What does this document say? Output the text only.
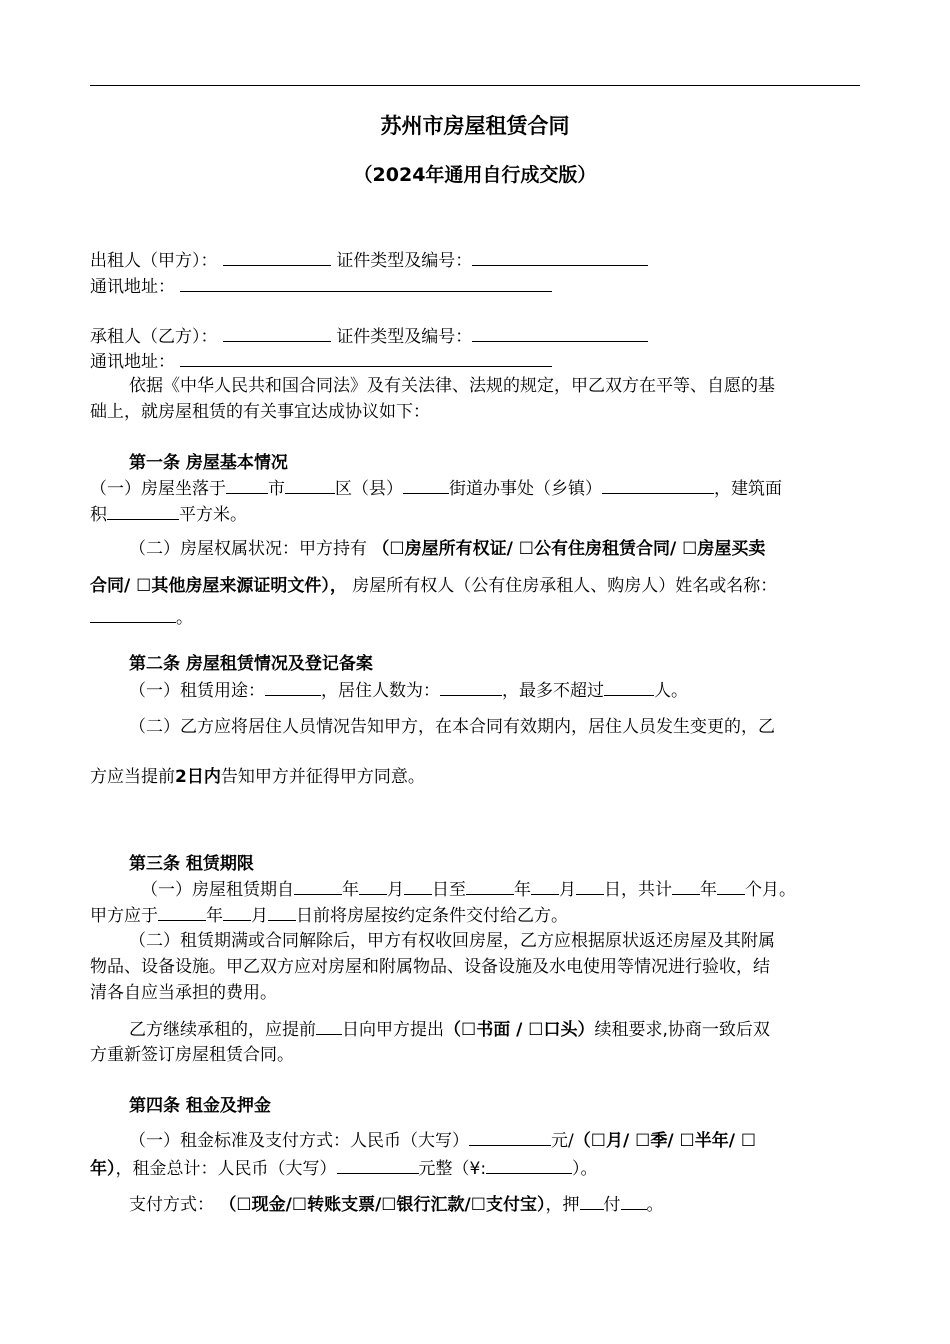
苏州市房屋租赁合同
（2024年通用自行成交版）
出租人（甲方）：	证件类型及编号：
通讯地址：
承租人（乙方）：	证件类型及编号：
通讯地址：
依据《中华人民共和国合同法》及有关法律、法规的规定，甲乙双方在平等、自愿的基
础上，就房屋租赁的有关事宜达成协议如下：
第一条 房屋基本情况
（一）房屋坐落于 市	区（县）	街道办事处（乡镇）	，建筑面
积	平方米。
（二）房屋权属状况：甲方持有 （☐房屋所有权证/ ☐公有住房租赁合同/ ☐房屋买卖
合同/ ☐其他房屋来源证明文件）， 房屋所有权人（公有住房承租人、购房人）姓名或名称：
。
第二条 房屋租赁情况及登记备案
（一）租赁用途：	，居住人数为：	，最多不超过	人。
（二）乙方应将居住人员情况告知甲方，在本合同有效期内，居住人员发生变更的，乙
方应当提前2日内告知甲方并征得甲方同意。
第三条 租赁期限
（一）房屋租赁期自	年 月 日至	年 月 日，共计 年 个月。
甲方应于	年 月 日前将房屋按约定条件交付给乙方。
（二）租赁期满或合同解除后，甲方有权收回房屋，乙方应根据原状返还房屋及其附属
物品、设备设施。甲乙双方应对房屋和附属物品、设备设施及水电使用等情况进行验收，结
清各自应当承担的费用。
乙方继续承租的，应提前 日向甲方提出（☐书面 / ☐口头）续租要求,协商一致后双
方重新签订房屋租赁合同。
第四条 租金及押金
（一）租金标准及支付方式：人民币（大写）	元/（☐月/ ☐季/ ☐半年/ ☐
年），租金总计：人民币（大写）	元整（¥:	）。
支付方式： （☐现金/☐转账支票/☐银行汇款/☐支付宝），押 付 。
